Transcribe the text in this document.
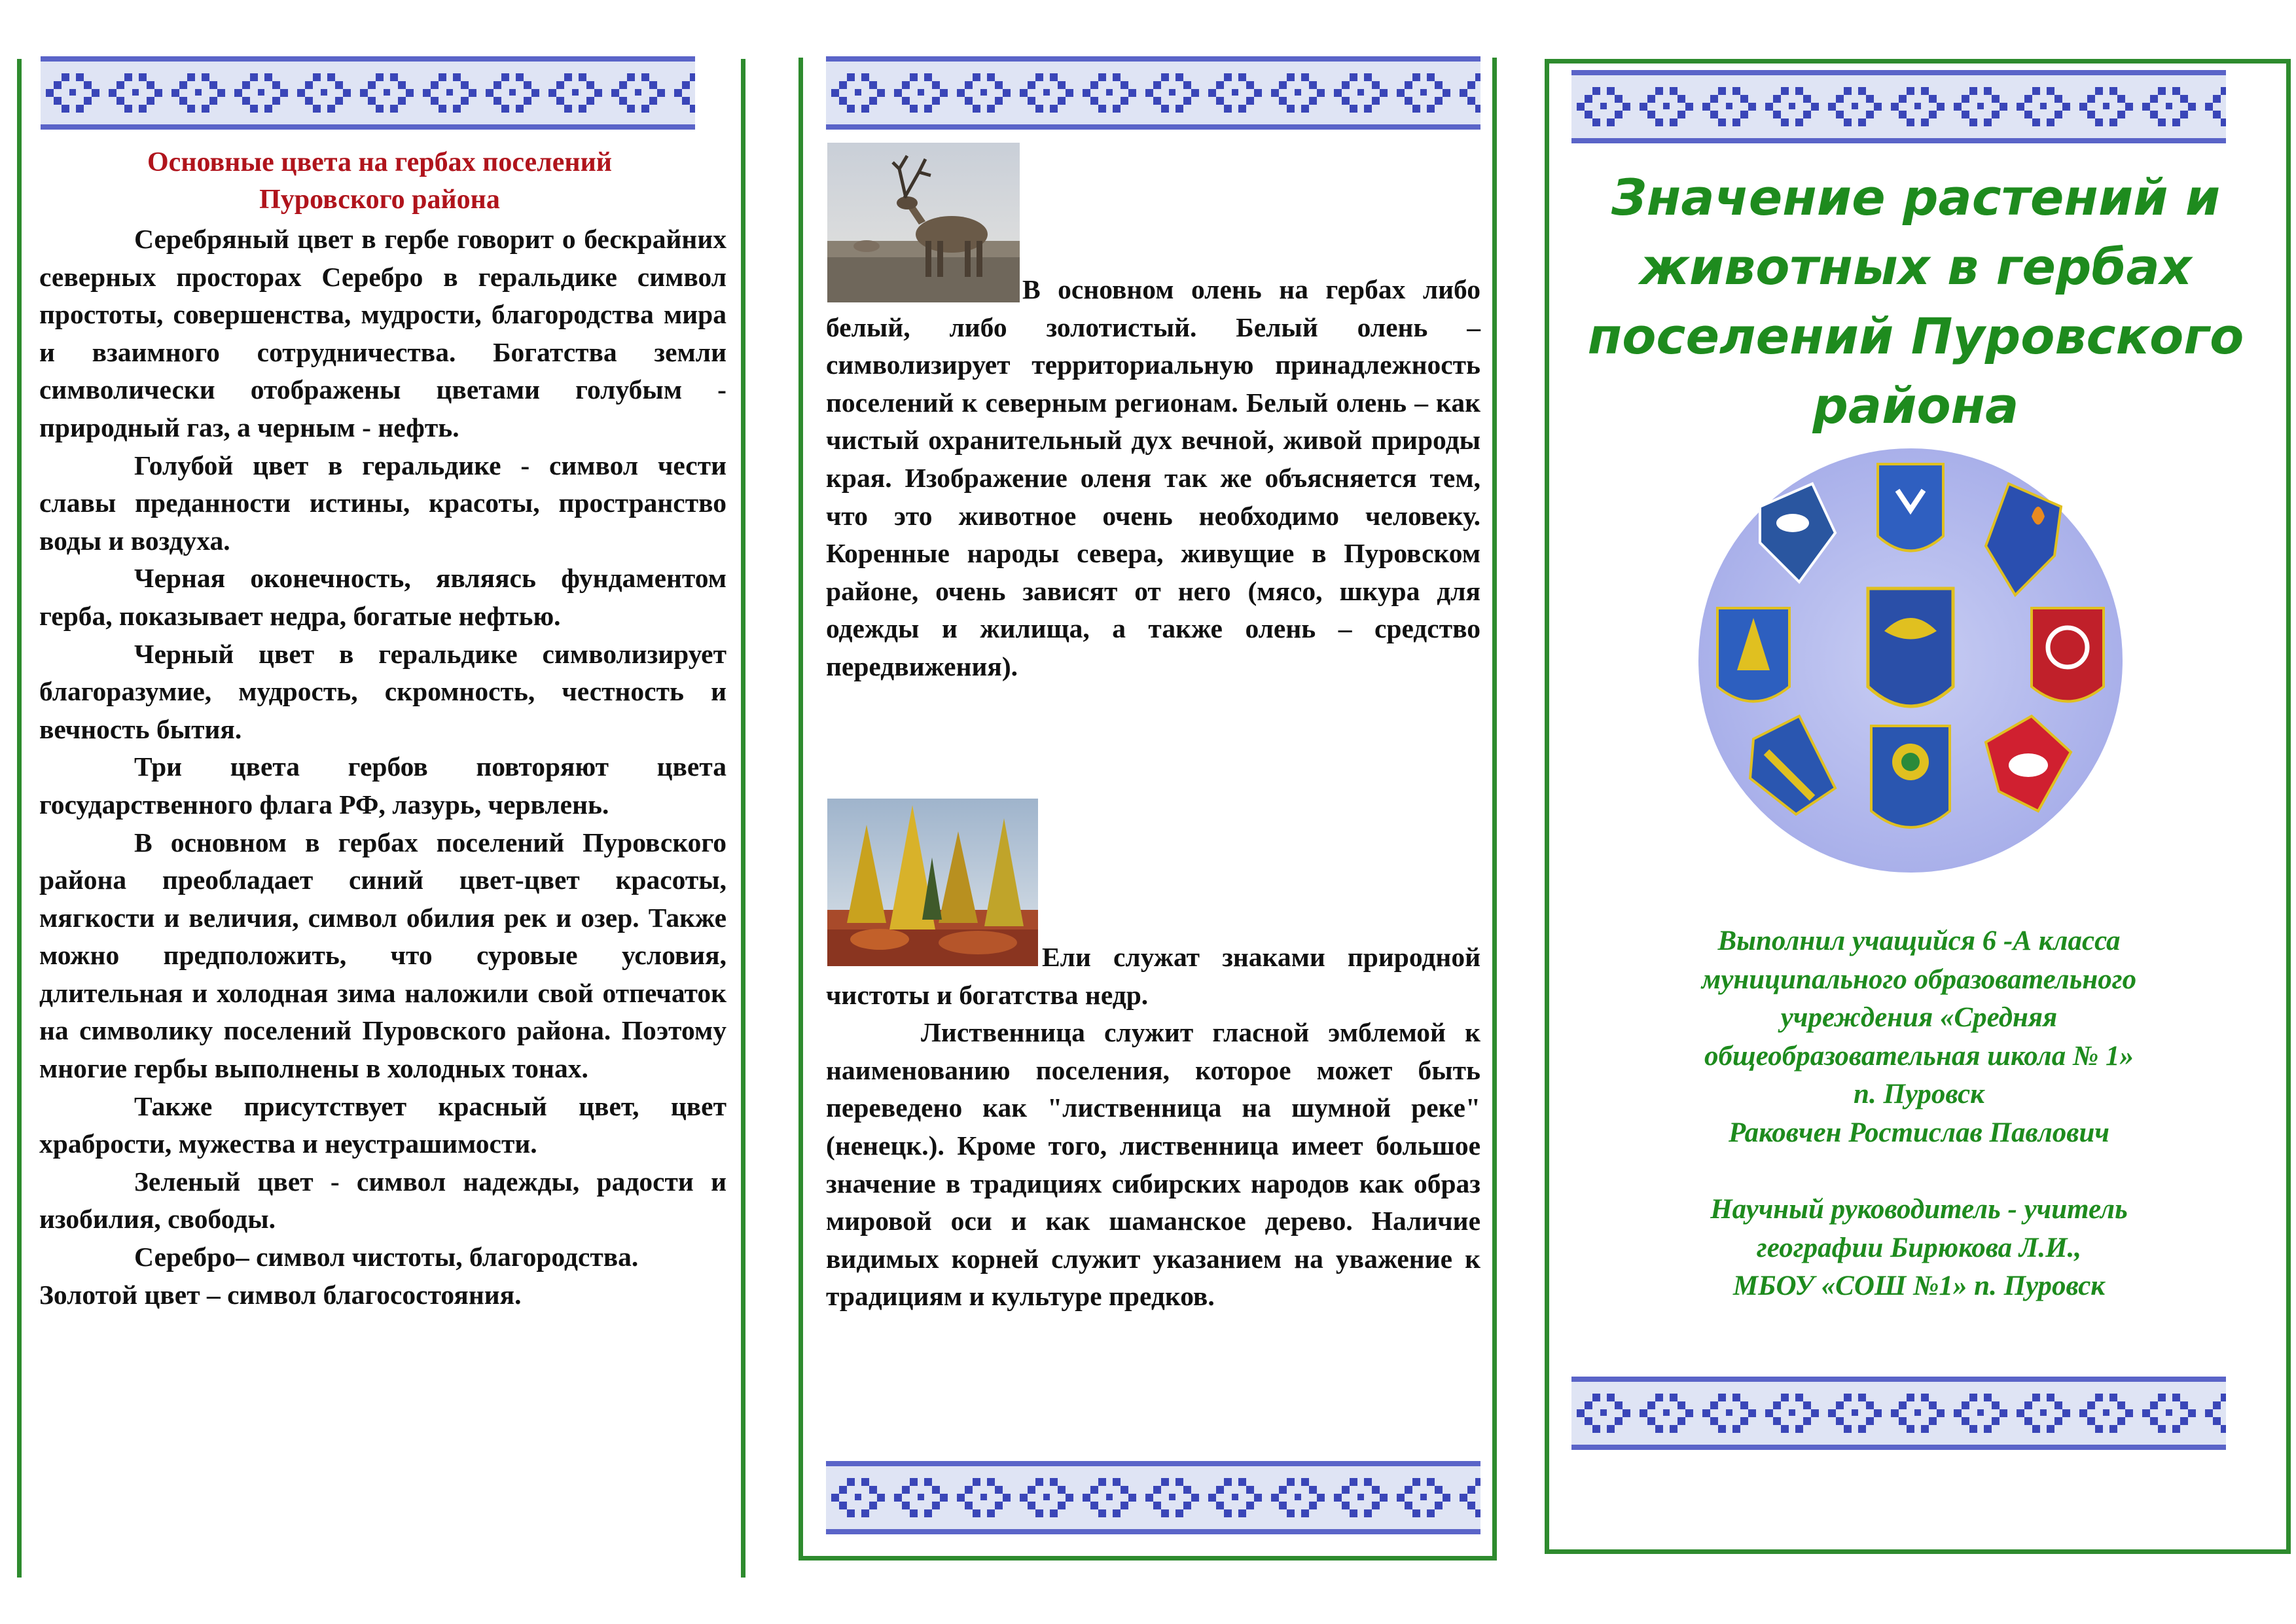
Основные цвета на гербах поселений
Пуровского района

Серебряный цвет в гербе говорит о бескрайних северных просторах Серебро в геральдике символ простоты, совершенства, мудрости, благородства мира и взаимного сотрудничества. Богатства земли символически отображены цветами голубым - природный газ, а черным - нефть.

Голубой цвет в геральдике - символ чести славы преданности истины, красоты, пространство воды и воздуха.

Черная оконечность, являясь фундаментом герба, показывает недра, богатые нефтью.

Черный цвет в геральдике символизирует благоразумие, мудрость, скромность, честность и вечность бытия.

Три цвета гербов повторяют цвета государственного флага РФ, лазурь, червлень.

В основном в гербах поселений Пуровского района преобладает синий цвет-цвет красоты, мягкости и величия, символ обилия рек и озер. Также можно предположить, что суровые условия, длительная и холодная зима наложили свой отпечаток на символику поселений Пуровского района. Поэтому многие гербы выполнены в холодных тонах.

Также присутствует красный цвет, цвет храбрости, мужества и неустрашимости.

Зеленый цвет - символ надежды, радости и изобилия, свободы.

Серебро– символ чистоты, благородства.

Золотой цвет – символ благосостояния.

В основном олень на гербах либо белый, либо золотистый. Белый олень – символизирует территориальную принадлежность поселений к северным регионам. Белый олень – как чистый охранительный дух вечной, живой природы края. Изображение оленя так же объясняется тем, что это животное очень необходимо человеку. Коренные народы севера, живущие в Пуровском районе, очень зависят от него (мясо, шкура для одежды и жилища, а также олень – средство передвижения).

Ели служат знаками природной чистоты и богатства недр.

Лиственница служит гласной эмблемой к наименованию поселения, которое может быть переведено как "лиственница на шумной реке" (ненецк.). Кроме того, лиственница имеет большое значение в традициях сибирских народов как образ мировой оси и как шаманское дерево. Наличие видимых корней служит указанием на уважение к традициям и культуре предков.

Значение растений и
животных в гербах
поселений Пуровского
района

Выполнил учащийся 6 -А класса

муниципального образовательного

учреждения «Средняя

общеобразовательная школа № 1»

п. Пуровск

Раковчен Ростислав Павлович

Научный руководитель - учитель

географии Бирюкова Л.И.,

МБОУ «СОШ №1» п. Пуровск
